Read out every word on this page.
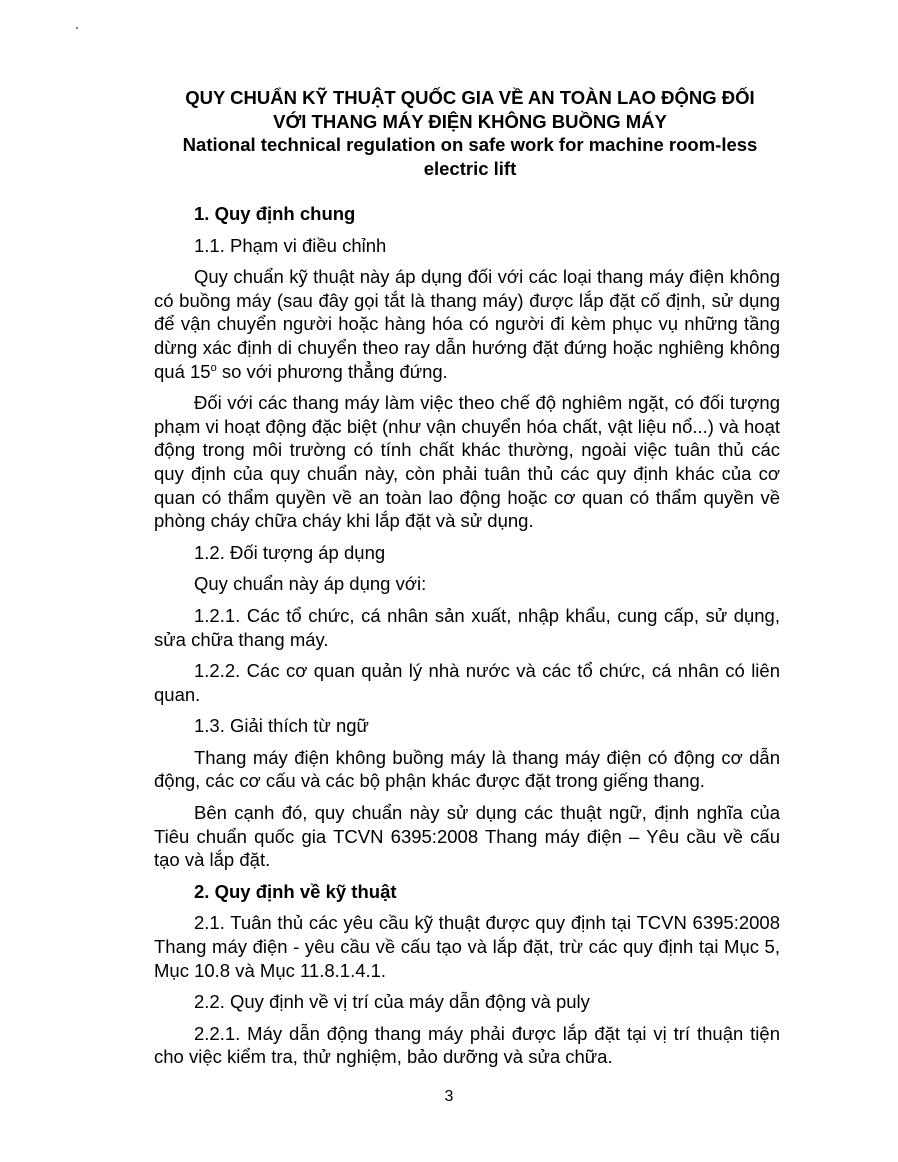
QUY CHUẨN KỸ THUẬT QUỐC GIA VỀ AN TOÀN LAO ĐỘNG ĐỐI
VỚI THANG MÁY ĐIỆN KHÔNG BUỒNG MÁY
National technical regulation on safe work for machine room-less
electric lift

1. Quy định chung

1.1. Phạm vi điều chỉnh

Quy chuẩn kỹ thuật này áp dụng đối với các loại thang máy điện không có buồng máy (sau đây gọi tắt là thang máy) được lắp đặt cố định, sử dụng để vận chuyển người hoặc hàng hóa có người đi kèm phục vụ những tầng dừng xác định di chuyển theo ray dẫn hướng đặt đứng hoặc nghiêng không quá 15$^o$ so với phương thẳng đứng.

Đối với các thang máy làm việc theo chế độ nghiêm ngặt, có đối tượng phạm vi hoạt động đặc biệt (như vận chuyển hóa chất, vật liệu nổ...) và hoạt động trong môi trường có tính chất khác thường, ngoài việc tuân thủ các quy định của quy chuẩn này, còn phải tuân thủ các quy định khác của cơ quan có thẩm quyền về an toàn lao động hoặc cơ quan có thẩm quyền về phòng cháy chữa cháy khi lắp đặt và sử dụng.

1.2. Đối tượng áp dụng

Quy chuẩn này áp dụng với:

1.2.1. Các tổ chức, cá nhân sản xuất, nhập khẩu, cung cấp, sử dụng, sửa chữa thang máy.

1.2.2. Các cơ quan quản lý nhà nước và các tổ chức, cá nhân có liên quan.

1.3. Giải thích từ ngữ

Thang máy điện không buồng máy là thang máy điện có động cơ dẫn động, các cơ cấu và các bộ phận khác được đặt trong giếng thang.

Bên cạnh đó, quy chuẩn này sử dụng các thuật ngữ, định nghĩa của Tiêu chuẩn quốc gia TCVN 6395:2008 Thang máy điện – Yêu cầu về cấu tạo và lắp đặt.

2. Quy định về kỹ thuật

2.1. Tuân thủ các yêu cầu kỹ thuật được quy định tại TCVN 6395:2008 Thang máy điện - yêu cầu về cấu tạo và lắp đặt, trừ các quy định tại Mục 5, Mục 10.8 và Mục 11.8.1.4.1.

2.2. Quy định về vị trí của máy dẫn động và puly

2.2.1. Máy dẫn động thang máy phải được lắp đặt tại vị trí thuận tiện cho việc kiểm tra, thử nghiệm, bảo dưỡng và sửa chữa.

3
